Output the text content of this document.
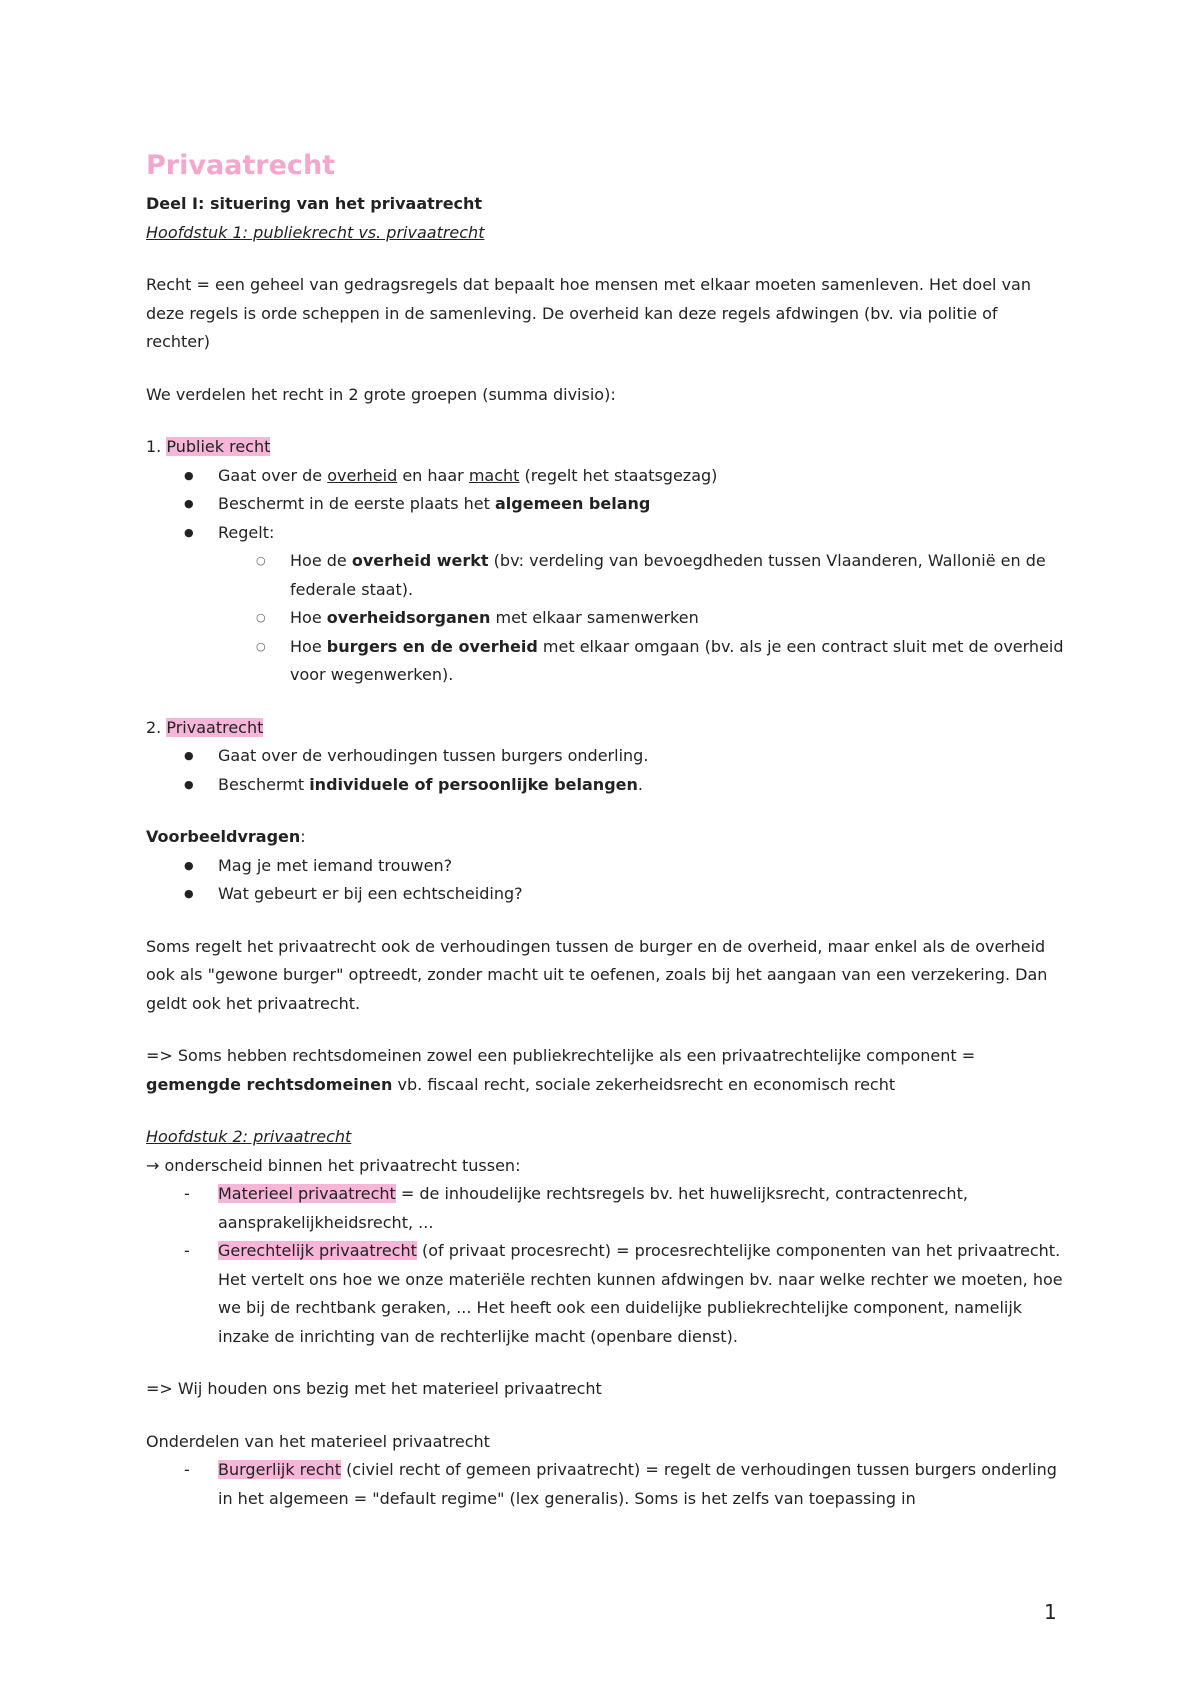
Privaatrecht

Deel I: situering van het privaatrecht

Hoofdstuk 1: publiekrecht vs. privaatrecht

Recht = een geheel van gedragsregels dat bepaalt hoe mensen met elkaar moeten samenleven. Het doel van deze regels is orde scheppen in de samenleving. De overheid kan deze regels afdwingen (bv. via politie of rechter)

We verdelen het recht in 2 grote groepen (summa divisio):

1. Publiek recht

● Gaat over de overheid en haar macht (regelt het staatsgezag)
● Beschermt in de eerste plaats het algemeen belang
● Regelt:
○ Hoe de overheid werkt (bv: verdeling van bevoegdheden tussen Vlaanderen, Wallonië en de federale staat).
○ Hoe overheidsorganen met elkaar samenwerken
○ Hoe burgers en de overheid met elkaar omgaan (bv. als je een contract sluit met de overheid voor wegenwerken).

2. Privaatrecht

● Gaat over de verhoudingen tussen burgers onderling.
● Beschermt individuele of persoonlijke belangen.

Voorbeeldvragen:

● Mag je met iemand trouwen?
● Wat gebeurt er bij een echtscheiding?

Soms regelt het privaatrecht ook de verhoudingen tussen de burger en de overheid, maar enkel als de overheid ook als "gewone burger" optreedt, zonder macht uit te oefenen, zoals bij het aangaan van een verzekering. Dan geldt ook het privaatrecht.

=> Soms hebben rechtsdomeinen zowel een publiekrechtelijke als een privaatrechtelijke component = gemengde rechtsdomeinen vb. fiscaal recht, sociale zekerheidsrecht en economisch recht

Hoofdstuk 2: privaatrecht

→ onderscheid binnen het privaatrecht tussen:

- Materieel privaatrecht = de inhoudelijke rechtsregels bv. het huwelijksrecht, contractenrecht, aansprakelijkheidsrecht, ...
- Gerechtelijk privaatrecht (of privaat procesrecht) = procesrechtelijke componenten van het privaatrecht. Het vertelt ons hoe we onze materiële rechten kunnen afdwingen bv. naar welke rechter we moeten, hoe we bij de rechtbank geraken, ... Het heeft ook een duidelijke publiekrechtelijke component, namelijk inzake de inrichting van de rechterlijke macht (openbare dienst).

=> Wij houden ons bezig met het materieel privaatrecht

Onderdelen van het materieel privaatrecht

- Burgerlijk recht (civiel recht of gemeen privaatrecht) = regelt de verhoudingen tussen burgers onderling in het algemeen = "default regime" (lex generalis). Soms is het zelfs van toepassing in
1
